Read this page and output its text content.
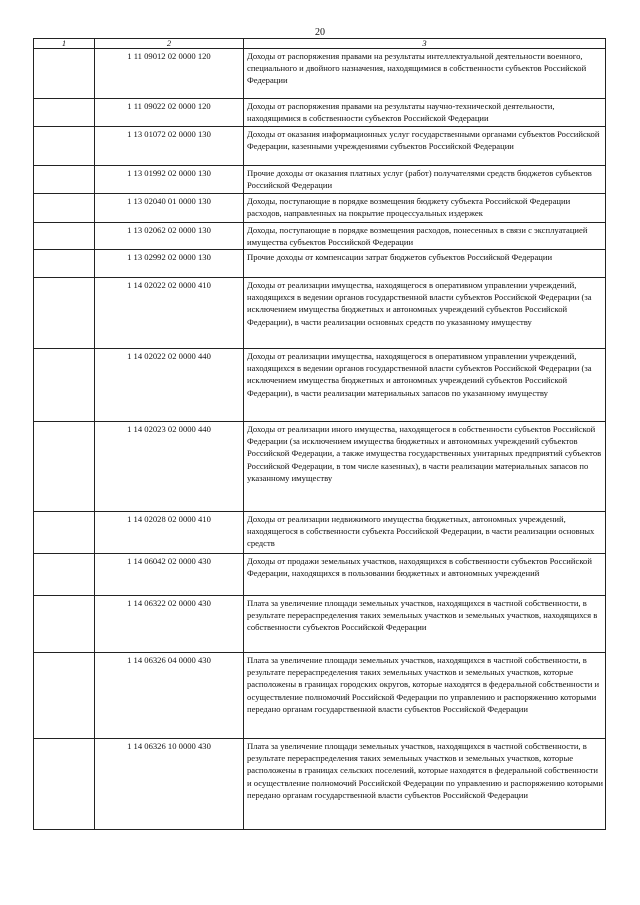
20
1	2	3
	1 11 09012 02 0000 120	Доходы от распоряжения правами на результаты интеллектуальной деятельности военного, специального и двойного назначения, находящимися в собственности субъектов Российской Федерации
	1 11 09022 02 0000 120	Доходы от распоряжения правами на результаты научно-технической деятельности, находящимися в собственности субъектов Российской Федерации
	1 13 01072 02 0000 130	Доходы от оказания информационных услуг государственными органами субъектов Российской Федерации, казенными учреждениями субъектов Российской Федерации
	1 13 01992 02 0000 130	Прочие доходы от оказания платных услуг (работ) получателями средств бюджетов субъектов Российской Федерации
	1 13 02040 01 0000 130	Доходы, поступающие в порядке возмещения бюджету субъекта Российской Федерации расходов, направленных на покрытие процессуальных издержек
	1 13 02062 02 0000 130	Доходы, поступающие в порядке возмещения расходов, понесенных в связи с эксплуатацией имущества субъектов Российской Федерации
	1 13 02992 02 0000 130	Прочие доходы от компенсации затрат бюджетов субъектов Российской Федерации
	1 14 02022 02 0000 410	Доходы от реализации имущества, находящегося в оперативном управлении учреждений, находящихся в ведении органов государственной власти субъектов Российской Федерации (за исключением имущества бюджетных и автономных учреждений субъектов Российской Федерации), в части реализации основных средств по указанному имуществу
	1 14 02022 02 0000 440	Доходы от реализации имущества, находящегося в оперативном управлении учреждений, находящихся в ведении органов государственной власти субъектов Российской Федерации (за исключением имущества бюджетных и автономных учреждений субъектов Российской Федерации), в части реализации материальных запасов по указанному имуществу
	1 14 02023 02 0000 440	Доходы от реализации иного имущества, находящегося в собственности субъектов Российской Федерации (за исключением имущества бюджетных и автономных учреждений субъектов Российской Федерации, а также имущества государственных унитарных предприятий субъектов Российской Федерации, в том числе казенных), в части реализации материальных запасов по указанному имуществу
	1 14 02028 02 0000 410	Доходы от реализации недвижимого имущества бюджетных, автономных учреждений, находящегося в собственности субъекта Российской Федерации, в части реализации основных средств
	1 14 06042 02 0000 430	Доходы от продажи земельных участков, находящихся в собственности субъектов Российской Федерации, находящихся в пользовании бюджетных и автономных учреждений
	1 14 06322 02 0000 430	Плата за увеличение площади земельных участков, находящихся в частной собственности, в результате перераспределения таких земельных участков и земельных участков, находящихся в собственности субъектов Российской Федерации
	1 14 06326 04 0000 430	Плата за увеличение площади земельных участков, находящихся в частной собственности, в результате перераспределения таких земельных участков и земельных участков, которые расположены в границах городских округов, которые находятся в федеральной собственности и осуществление полномочий Российской Федерации по управлению и распоряжению которыми передано органам государственной власти субъектов Российской Федерации
	1 14 06326 10 0000 430	Плата за увеличение площади земельных участков, находящихся в частной собственности, в результате перераспределения таких земельных участков и земельных участков, которые расположены в границах сельских поселений, которые находятся в федеральной собственности и осуществление полномочий Российской Федерации по управлению и распоряжению которыми передано органам государственной власти субъектов Российской Федерации
